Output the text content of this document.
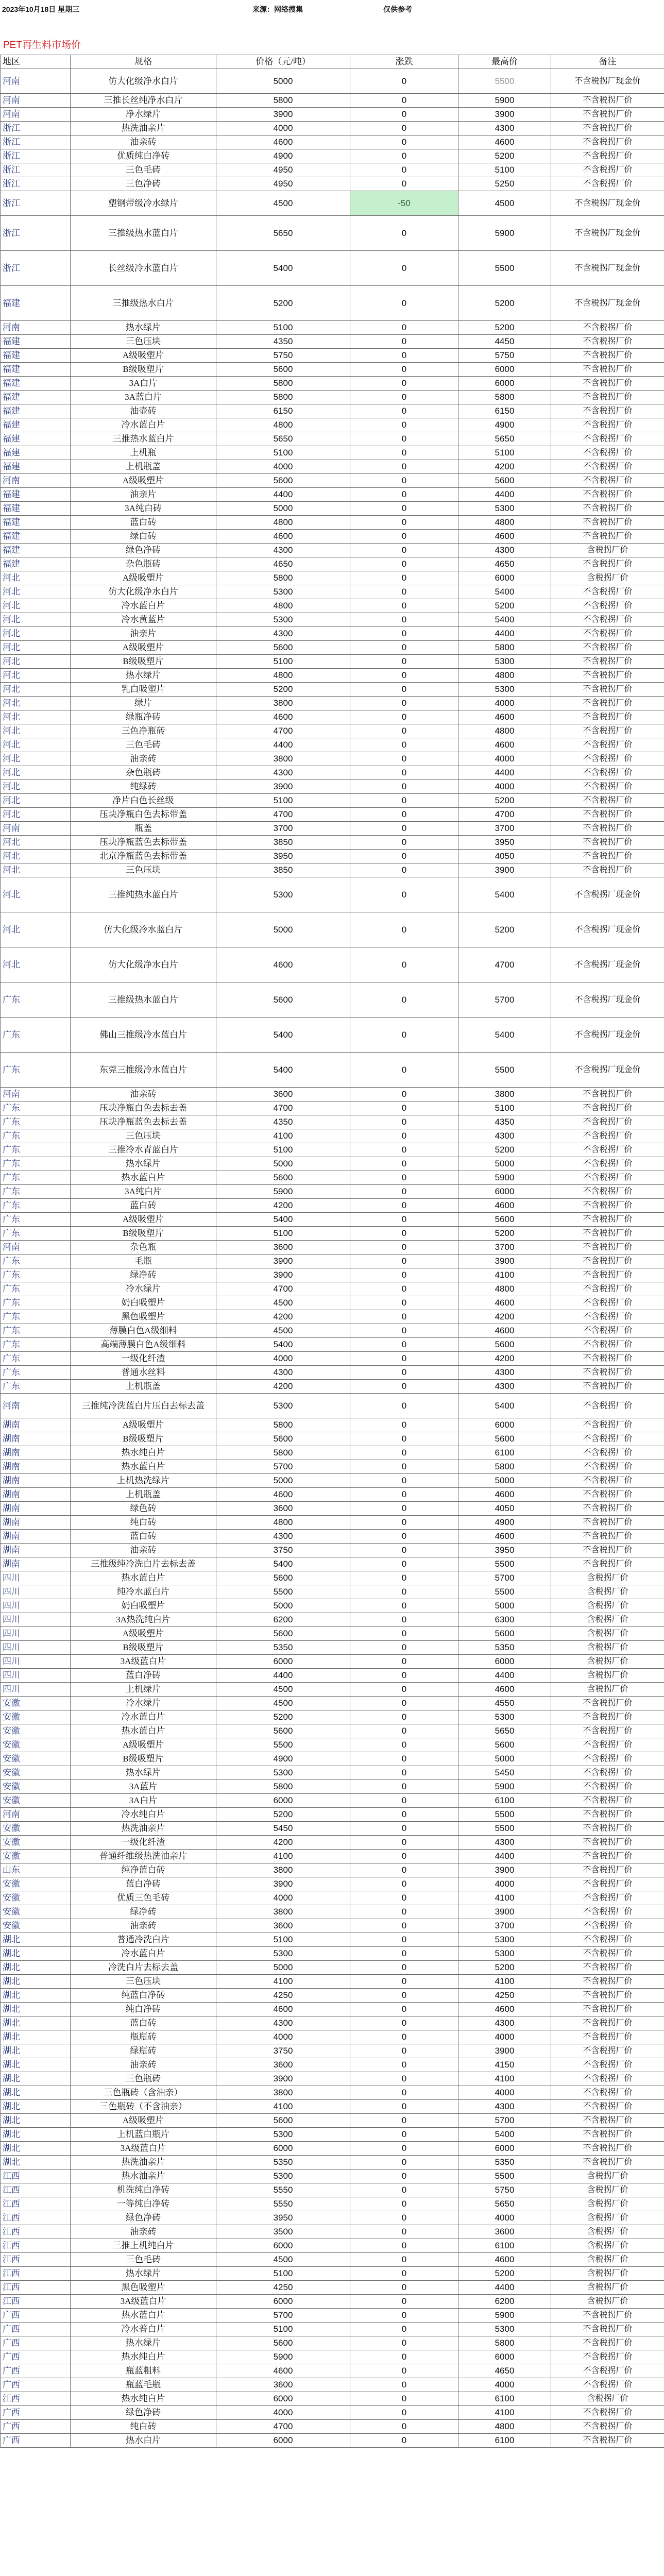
2023年10月18日 星期三	来源：网络搜集	仅供参考
PET再生料市场价
地区	规格	价格（元/吨）	涨跌	最高价	备注
河南	仿大化级净水白片	5000	0	5500	不含税拐厂现金价
河南	三推长丝纯净水白片	5800	0	5900	不含税拐厂价
河南	净水绿片	3900	0	3900	不含税拐厂价
浙江	热洗油亲片	4000	0	4300	不含税拐厂价
浙江	油亲砖	4600	0	4600	不含税拐厂价
浙江	优质纯白净砖	4900	0	5200	不含税拐厂价
浙江	三色毛砖	4950	0	5100	不含税拐厂价
浙江	三色净砖	4950	0	5250	不含税拐厂价
浙江	塑钢带级冷水绿片	4500	-50	4500	不含税拐厂现金价
浙江	三推级热水蓝白片	5650	0	5900	不含税拐厂现金价
浙江	长丝级冷水蓝白片	5400	0	5500	不含税拐厂现金价
福建	三推级热水白片	5200	0	5200	不含税拐厂现金价
河南	热水绿片	5100	0	5200	不含税拐厂价
福建	三色压块	4350	0	4450	不含税拐厂价
福建	A级吸塑片	5750	0	5750	不含税拐厂价
福建	B级吸塑片	5600	0	6000	不含税拐厂价
福建	3A白片	5800	0	6000	不含税拐厂价
福建	3A蓝白片	5800	0	5800	不含税拐厂价
福建	油壶砖	6150	0	6150	不含税拐厂价
福建	冷水蓝白片	4800	0	4900	不含税拐厂价
福建	三推热水蓝白片	5650	0	5650	不含税拐厂价
福建	上机瓶	5100	0	5100	不含税拐厂价
福建	上机瓶盖	4000	0	4200	不含税拐厂价
河南	A级吸塑片	5600	0	5600	不含税拐厂价
福建	油亲片	4400	0	4400	不含税拐厂价
福建	3A纯白砖	5000	0	5300	不含税拐厂价
福建	蓝白砖	4800	0	4800	不含税拐厂价
福建	绿白砖	4600	0	4600	不含税拐厂价
福建	绿色净砖	4300	0	4300	含税拐厂价
福建	杂色瓶砖	4650	0	4650	不含税拐厂价
河北	A级吸塑片	5800	0	6000	含税拐厂价
河北	仿大化级净水白片	5300	0	5400	不含税拐厂价
河北	冷水蓝白片	4800	0	5200	不含税拐厂价
河北	冷水黄蓝片	5300	0	5400	不含税拐厂价
河北	油亲片	4300	0	4400	不含税拐厂价
河北	A级吸塑片	5600	0	5800	不含税拐厂价
河北	B级吸塑片	5100	0	5300	不含税拐厂价
河北	热水绿片	4800	0	4800	不含税拐厂价
河北	乳白吸塑片	5200	0	5300	不含税拐厂价
河北	绿片	3800	0	4000	不含税拐厂价
河北	绿瓶净砖	4600	0	4600	不含税拐厂价
河北	三色净瓶砖	4700	0	4800	不含税拐厂价
河北	三色毛砖	4400	0	4600	不含税拐厂价
河北	油亲砖	3800	0	4000	不含税拐厂价
河北	杂色瓶砖	4300	0	4400	不含税拐厂价
河北	纯绿砖	3900	0	4000	不含税拐厂价
河北	净片白色长丝级	5100	0	5200	不含税拐厂价
河北	压块净瓶白色去标带盖	4700	0	4700	不含税拐厂价
河南	瓶盖	3700	0	3700	不含税拐厂价
河北	压块净瓶蓝色去标带盖	3850	0	3950	不含税拐厂价
河北	北京净瓶蓝色去标带盖	3950	0	4050	不含税拐厂价
河北	三色压块	3850	0	3900	不含税拐厂价
河北	三推纯热水蓝白片	5300	0	5400	不含税拐厂现金价
河北	仿大化级冷水蓝白片	5000	0	5200	不含税拐厂现金价
河北	仿大化级净水白片	4600	0	4700	不含税拐厂现金价
广东	三推级热水蓝白片	5600	0	5700	不含税拐厂现金价
广东	佛山三推级冷水蓝白片	5400	0	5400	不含税拐厂现金价
广东	东莞三推级冷水蓝白片	5400	0	5500	不含税拐厂现金价
河南	油亲砖	3600	0	3800	不含税拐厂价
广东	压块净瓶白色去标去盖	4700	0	5100	不含税拐厂价
广东	压块净瓶蓝色去标去盖	4350	0	4350	不含税拐厂价
广东	三色压块	4100	0	4300	不含税拐厂价
广东	三推冷水青蓝白片	5100	0	5200	不含税拐厂价
广东	热水绿片	5000	0	5000	不含税拐厂价
广东	热水蓝白片	5600	0	5900	不含税拐厂价
广东	3A纯白片	5900	0	6000	不含税拐厂价
广东	蓝白砖	4200	0	4600	不含税拐厂价
广东	A级吸塑片	5400	0	5600	不含税拐厂价
广东	B级吸塑片	5100	0	5200	不含税拐厂价
河南	杂色瓶	3600	0	3700	不含税拐厂价
广东	毛瓶	3900	0	3900	不含税拐厂价
广东	绿净砖	3900	0	4100	不含税拐厂价
广东	冷水绿片	4700	0	4800	不含税拐厂价
广东	奶白吸塑片	4500	0	4600	不含税拐厂价
广东	黑色吸塑片	4200	0	4200	不含税拐厂价
广东	薄膜白色A级细料	4500	0	4600	不含税拐厂价
广东	高端薄膜白色A级细料	5400	0	5600	不含税拐厂价
广东	一级化纤渣	4000	0	4200	不含税拐厂价
广东	普通水丝料	4300	0	4300	不含税拐厂价
广东	上机瓶盖	4200	0	4300	不含税拐厂价
河南	三推纯冷洗蓝白片压白去标去盖	5300	0	5400	不含税拐厂价
湖南	A级吸塑片	5800	0	6000	不含税拐厂价
湖南	B级吸塑片	5600	0	5600	不含税拐厂价
湖南	热水纯白片	5800	0	6100	不含税拐厂价
湖南	热水蓝白片	5700	0	5800	不含税拐厂价
湖南	上机热洗绿片	5000	0	5000	不含税拐厂价
湖南	上机瓶盖	4600	0	4600	不含税拐厂价
湖南	绿色砖	3600	0	4050	不含税拐厂价
湖南	纯白砖	4800	0	4900	不含税拐厂价
湖南	蓝白砖	4300	0	4600	不含税拐厂价
湖南	油亲砖	3750	0	3950	不含税拐厂价
湖南	三推级纯冷洗白片去标去盖	5400	0	5500	不含税拐厂价
四川	热水蓝白片	5600	0	5700	含税拐厂价
四川	纯冷水蓝白片	5500	0	5500	含税拐厂价
四川	奶白吸塑片	5000	0	5000	含税拐厂价
四川	3A热洗纯白片	6200	0	6300	含税拐厂价
四川	A级吸塑片	5600	0	5600	含税拐厂价
四川	B级吸塑片	5350	0	5350	含税拐厂价
四川	3A级蓝白片	6000	0	6000	含税拐厂价
四川	蓝白净砖	4400	0	4400	含税拐厂价
四川	上机绿片	4500	0	4600	含税拐厂价
安徽	冷水绿片	4500	0	4550	不含税拐厂价
安徽	冷水蓝白片	5200	0	5300	不含税拐厂价
安徽	热水蓝白片	5600	0	5650	不含税拐厂价
安徽	A级吸塑片	5500	0	5600	不含税拐厂价
安徽	B级吸塑片	4900	0	5000	不含税拐厂价
安徽	热水绿片	5300	0	5450	不含税拐厂价
安徽	3A蓝片	5800	0	5900	不含税拐厂价
安徽	3A白片	6000	0	6100	不含税拐厂价
河南	冷水纯白片	5200	0	5500	不含税拐厂价
安徽	热洗油亲片	5450	0	5500	不含税拐厂价
安徽	一级化纤渣	4200	0	4300	不含税拐厂价
安徽	普通纤维级热洗油亲片	4100	0	4400	不含税拐厂价
山东	纯净蓝白砖	3800	0	3900	不含税拐厂价
安徽	蓝白净砖	3900	0	4000	不含税拐厂价
安徽	优质三色毛砖	4000	0	4100	不含税拐厂价
安徽	绿净砖	3800	0	3900	不含税拐厂价
安徽	油亲砖	3600	0	3700	不含税拐厂价
湖北	普通冷洗白片	5100	0	5300	不含税拐厂价
湖北	冷水蓝白片	5300	0	5300	不含税拐厂价
湖北	冷洗白片去标去盖	5000	0	5200	不含税拐厂价
湖北	三色压块	4100	0	4100	不含税拐厂价
湖北	纯蓝白净砖	4250	0	4250	不含税拐厂价
湖北	纯白净砖	4600	0	4600	不含税拐厂价
湖北	蓝白砖	4300	0	4300	不含税拐厂价
湖北	瓶瓶砖	4000	0	4000	不含税拐厂价
湖北	绿瓶砖	3750	0	3900	不含税拐厂价
湖北	油亲砖	3600	0	4150	不含税拐厂价
湖北	三色瓶砖	3900	0	4100	不含税拐厂价
湖北	三色瓶砖（含油亲）	3800	0	4000	不含税拐厂价
湖北	三色瓶砖（不含油亲）	4100	0	4300	不含税拐厂价
湖北	A级吸塑片	5600	0	5700	不含税拐厂价
湖北	上机蓝白瓶片	5300	0	5400	不含税拐厂价
湖北	3A级蓝白片	6000	0	6000	不含税拐厂价
湖北	热洗油亲片	5350	0	5350	不含税拐厂价
江西	热水油亲片	5300	0	5500	含税拐厂价
江西	机洗纯白净砖	5550	0	5750	含税拐厂价
江西	一等纯白净砖	5550	0	5650	含税拐厂价
江西	绿色净砖	3950	0	4000	含税拐厂价
江西	油亲砖	3500	0	3600	含税拐厂价
江西	三推上机纯白片	6000	0	6100	含税拐厂价
江西	三色毛砖	4500	0	4600	含税拐厂价
江西	热水绿片	5100	0	5200	含税拐厂价
江西	黑色吸塑片	4250	0	4400	含税拐厂价
江西	3A级蓝白片	6000	0	6200	含税拐厂价
广西	热水蓝白片	5700	0	5900	不含税拐厂价
广西	冷水普白片	5100	0	5300	不含税拐厂价
广西	热水绿片	5600	0	5800	不含税拐厂价
广西	热水纯白片	5900	0	6000	不含税拐厂价
广西	瓶蓝粗料	4600	0	4650	不含税拐厂价
广西	瓶蓝毛瓶	3600	0	4000	不含税拐厂价
江西	热水纯白片	6000	0	6100	含税拐厂价
广西	绿色净砖	4000	0	4100	不含税拐厂价
广西	纯白砖	4700	0	4800	不含税拐厂价
广西	热水白片	6000	0	6100	不含税拐厂价
